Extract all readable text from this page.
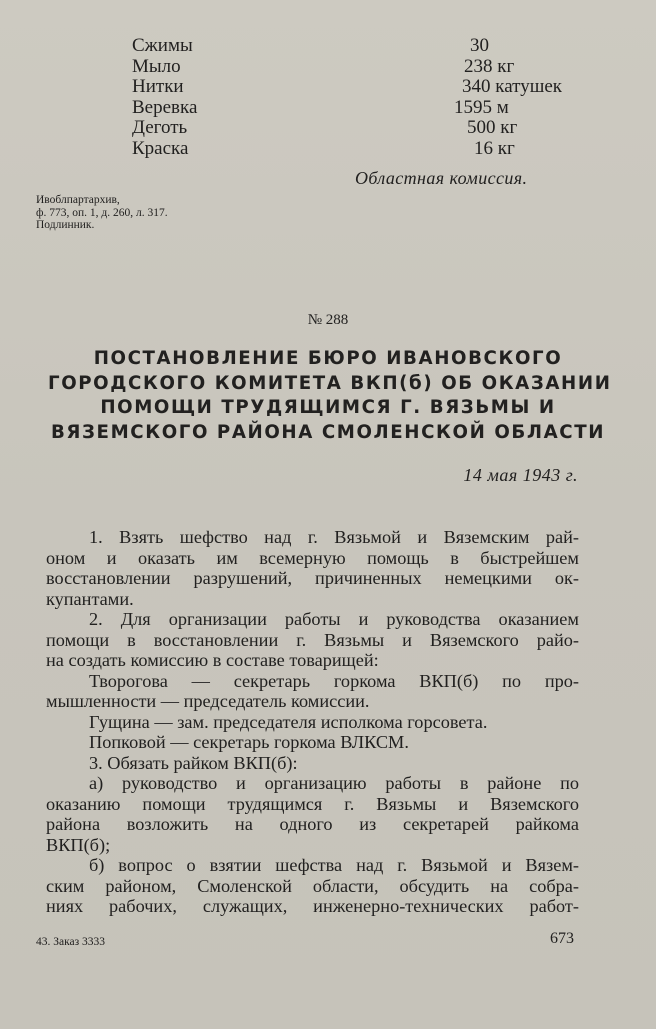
Сжимы	30
Мыло	238 кг
Нитки	340 катушек
Веревка	1595 м
Деготь	500 кг
Краска	16 кг
Областная комиссия.
Ивоблпартархив,
ф. 773, оп. 1, д. 260, л. 317.
Подлинник.
№ 288
ПОСТАНОВЛЕНИЕ БЮРО ИВАНОВСКОГО
ГОРОДСКОГО КОМИТЕТА ВКП(б) ОБ ОКАЗАНИИ
ПОМОЩИ ТРУДЯЩИМСЯ Г. ВЯЗЬМЫ И
ВЯЗЕМСКОГО РАЙОНА СМОЛЕНСКОЙ ОБЛАСТИ
14 мая 1943 г.
1. Взять шефство над г. Вязьмой и Вяземским рай-
оном и оказать им всемерную помощь в быстрейшем
восстановлении разрушений, причиненных немецкими ок-
купантами.
2. Для организации работы и руководства оказанием
помощи в восстановлении г. Вязьмы и Вяземского райо-
на создать комиссию в составе товарищей:
Творогова — секретарь горкома ВКП(б) по про-
мышленности — председатель комиссии.
Гущина — зам. председателя исполкома горсовета.
Попковой — секретарь горкома ВЛКСМ.
3. Обязать райком ВКП(б):
а) руководство и организацию работы в районе по
оказанию помощи трудящимся г. Вязьмы и Вяземского
района возложить на одного из секретарей райкома
ВКП(б);
б) вопрос о взятии шефства над г. Вязьмой и Вязем-
ским районом, Смоленской области, обсудить на собра-
ниях рабочих, служащих, инженерно-технических работ-
43. Заказ 3333	673
